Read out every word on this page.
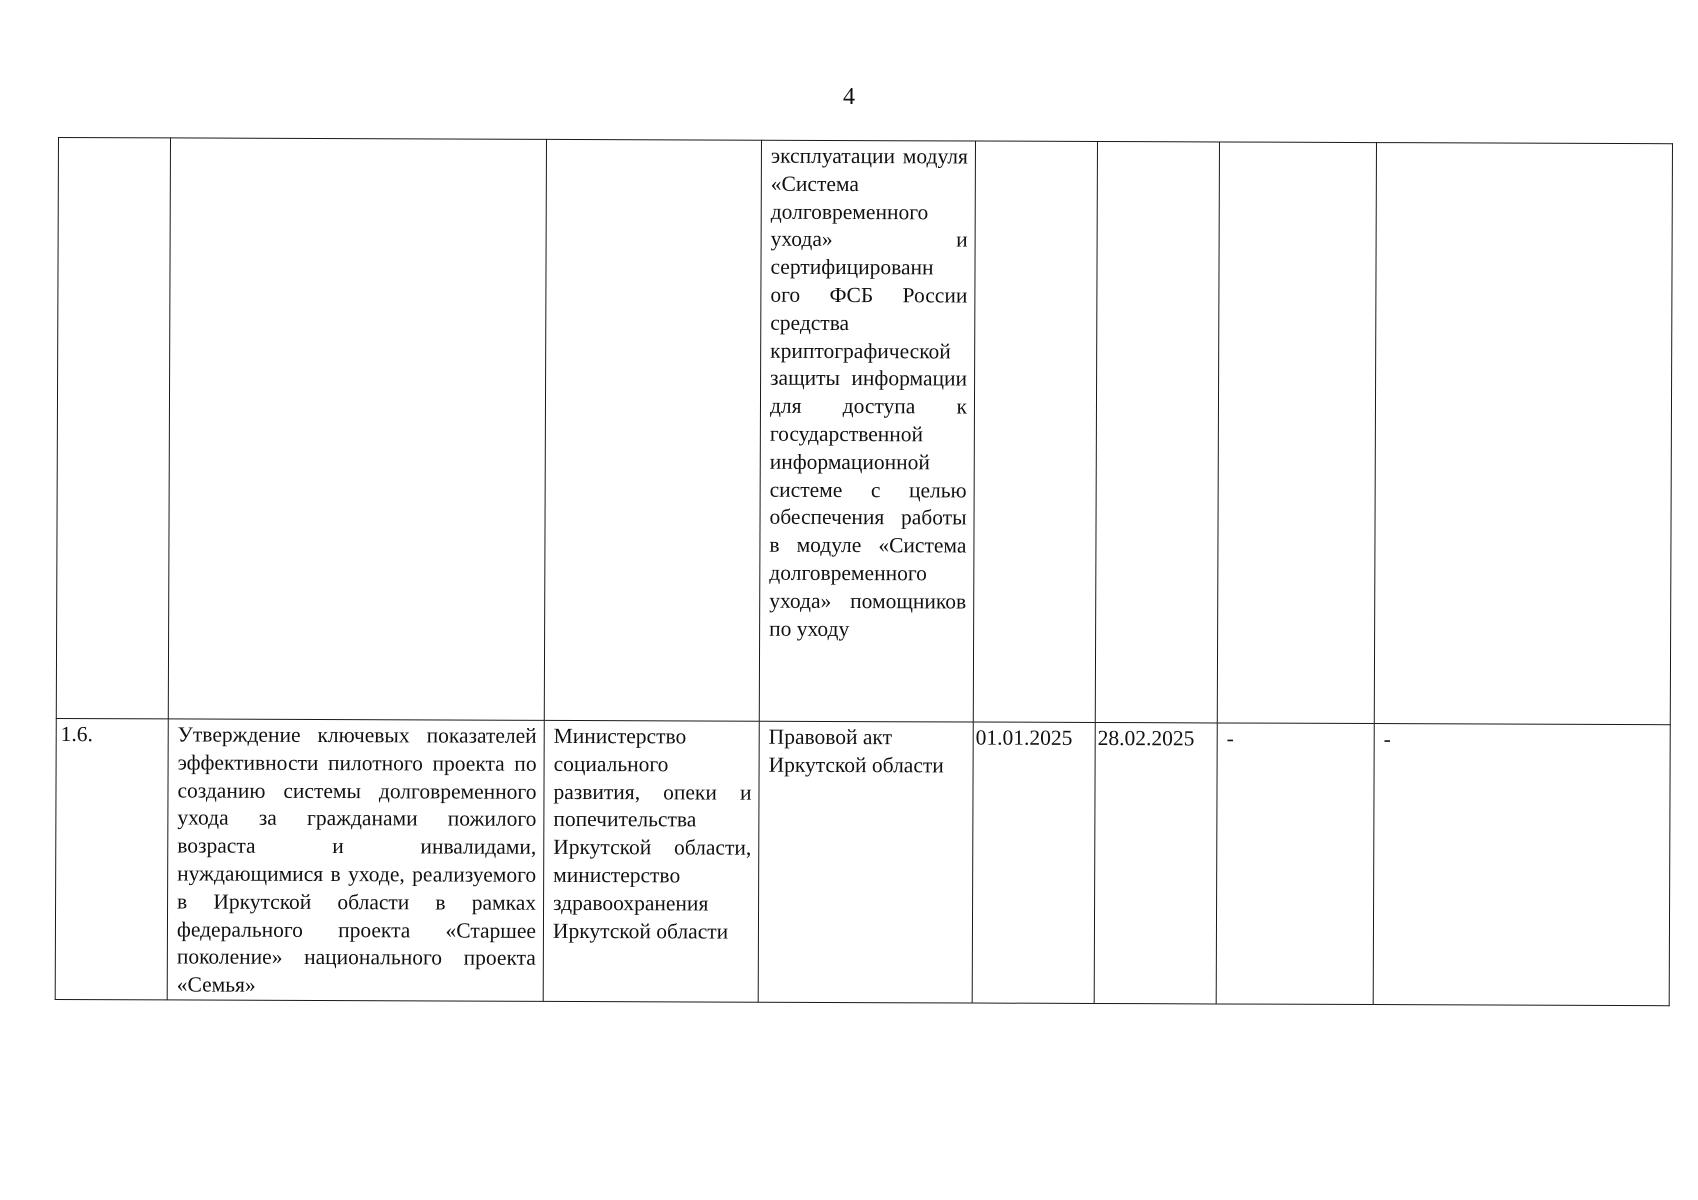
4
			эксплуатации модуля «Система долговременного ухода» и сертифицированн ого ФСБ России средства криптографической защиты информации для доступа к государственной информационной системе с целью обеспечения работы в модуле «Система долговременного ухода» помощников по уходу				
1.6.	Утверждение ключевых показателей эффективности пилотного проекта по созданию системы долговременного ухода за гражданами пожилого возраста и инвалидами, нуждающимися в уходе, реализуемого в Иркутской области в рамках федерального проекта «Старшее поколение» национального проекта «Семья»	Министерство социального развития, опеки и попечительства Иркутской области, министерство здравоохранения Иркутской области	Правовой акт Иркутской области	01.01.2025	28.02.2025	-	-
